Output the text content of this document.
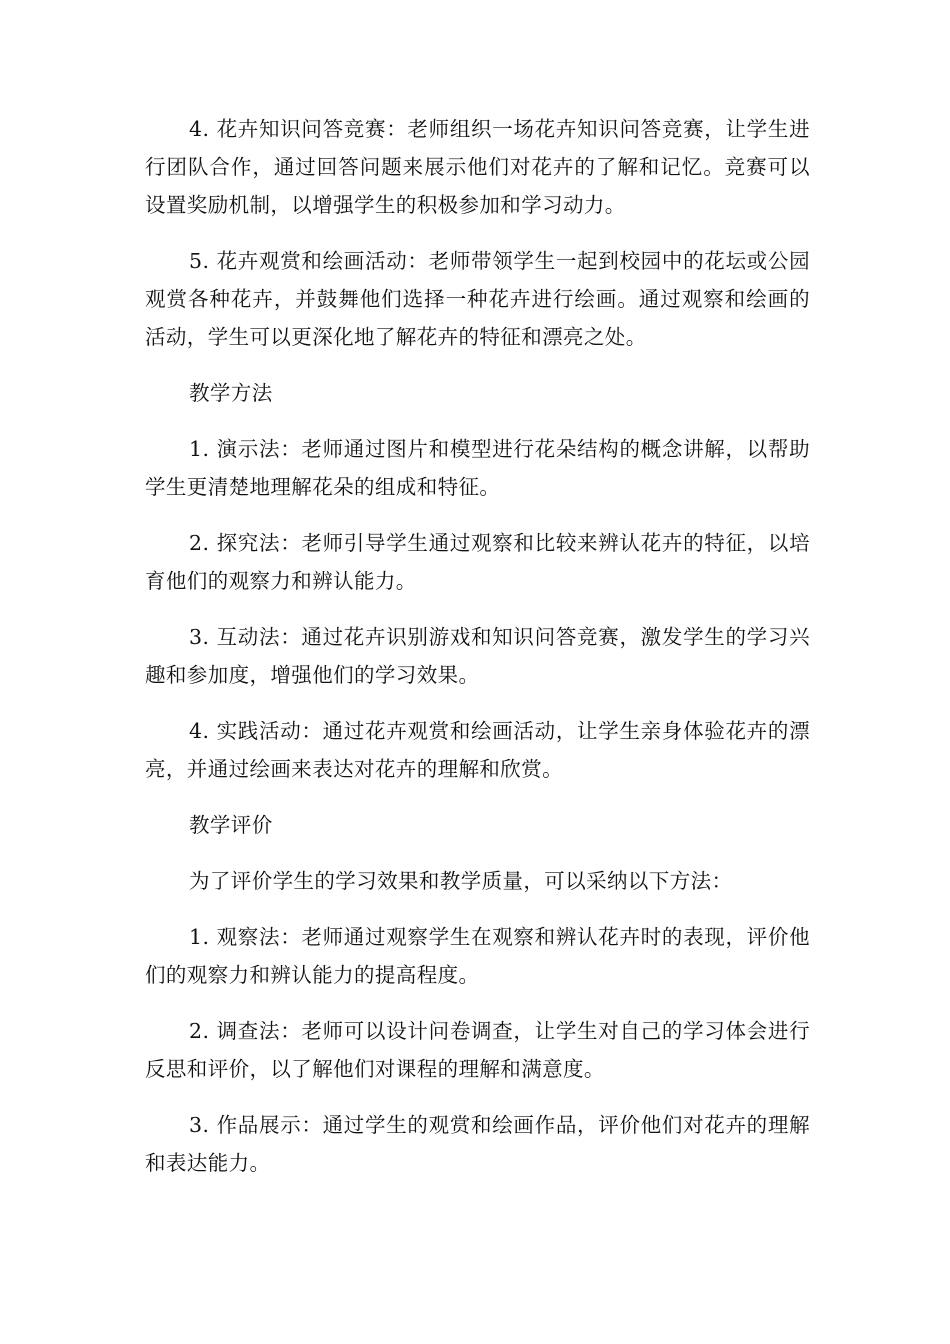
4. 花卉知识问答竞赛：老师组织一场花卉知识问答竞赛，让学生进行团队合作，通过回答问题来展示他们对花卉的了解和记忆。竞赛可以设置奖励机制，以增强学生的积极参加和学习动力。

5. 花卉观赏和绘画活动：老师带领学生一起到校园中的花坛或公园观赏各种花卉，并鼓舞他们选择一种花卉进行绘画。通过观察和绘画的活动，学生可以更深化地了解花卉的特征和漂亮之处。

教学方法

1. 演示法：老师通过图片和模型进行花朵结构的概念讲解，以帮助学生更清楚地理解花朵的组成和特征。

2. 探究法：老师引导学生通过观察和比较来辨认花卉的特征，以培育他们的观察力和辨认能力。

3. 互动法：通过花卉识别游戏和知识问答竞赛，激发学生的学习兴趣和参加度，增强他们的学习效果。

4. 实践活动：通过花卉观赏和绘画活动，让学生亲身体验花卉的漂亮，并通过绘画来表达对花卉的理解和欣赏。

教学评价

为了评价学生的学习效果和教学质量，可以采纳以下方法：

1. 观察法：老师通过观察学生在观察和辨认花卉时的表现，评价他们的观察力和辨认能力的提高程度。

2. 调查法：老师可以设计问卷调查，让学生对自己的学习体会进行反思和评价，以了解他们对课程的理解和满意度。

3. 作品展示：通过学生的观赏和绘画作品，评价他们对花卉的理解和表达能力。
